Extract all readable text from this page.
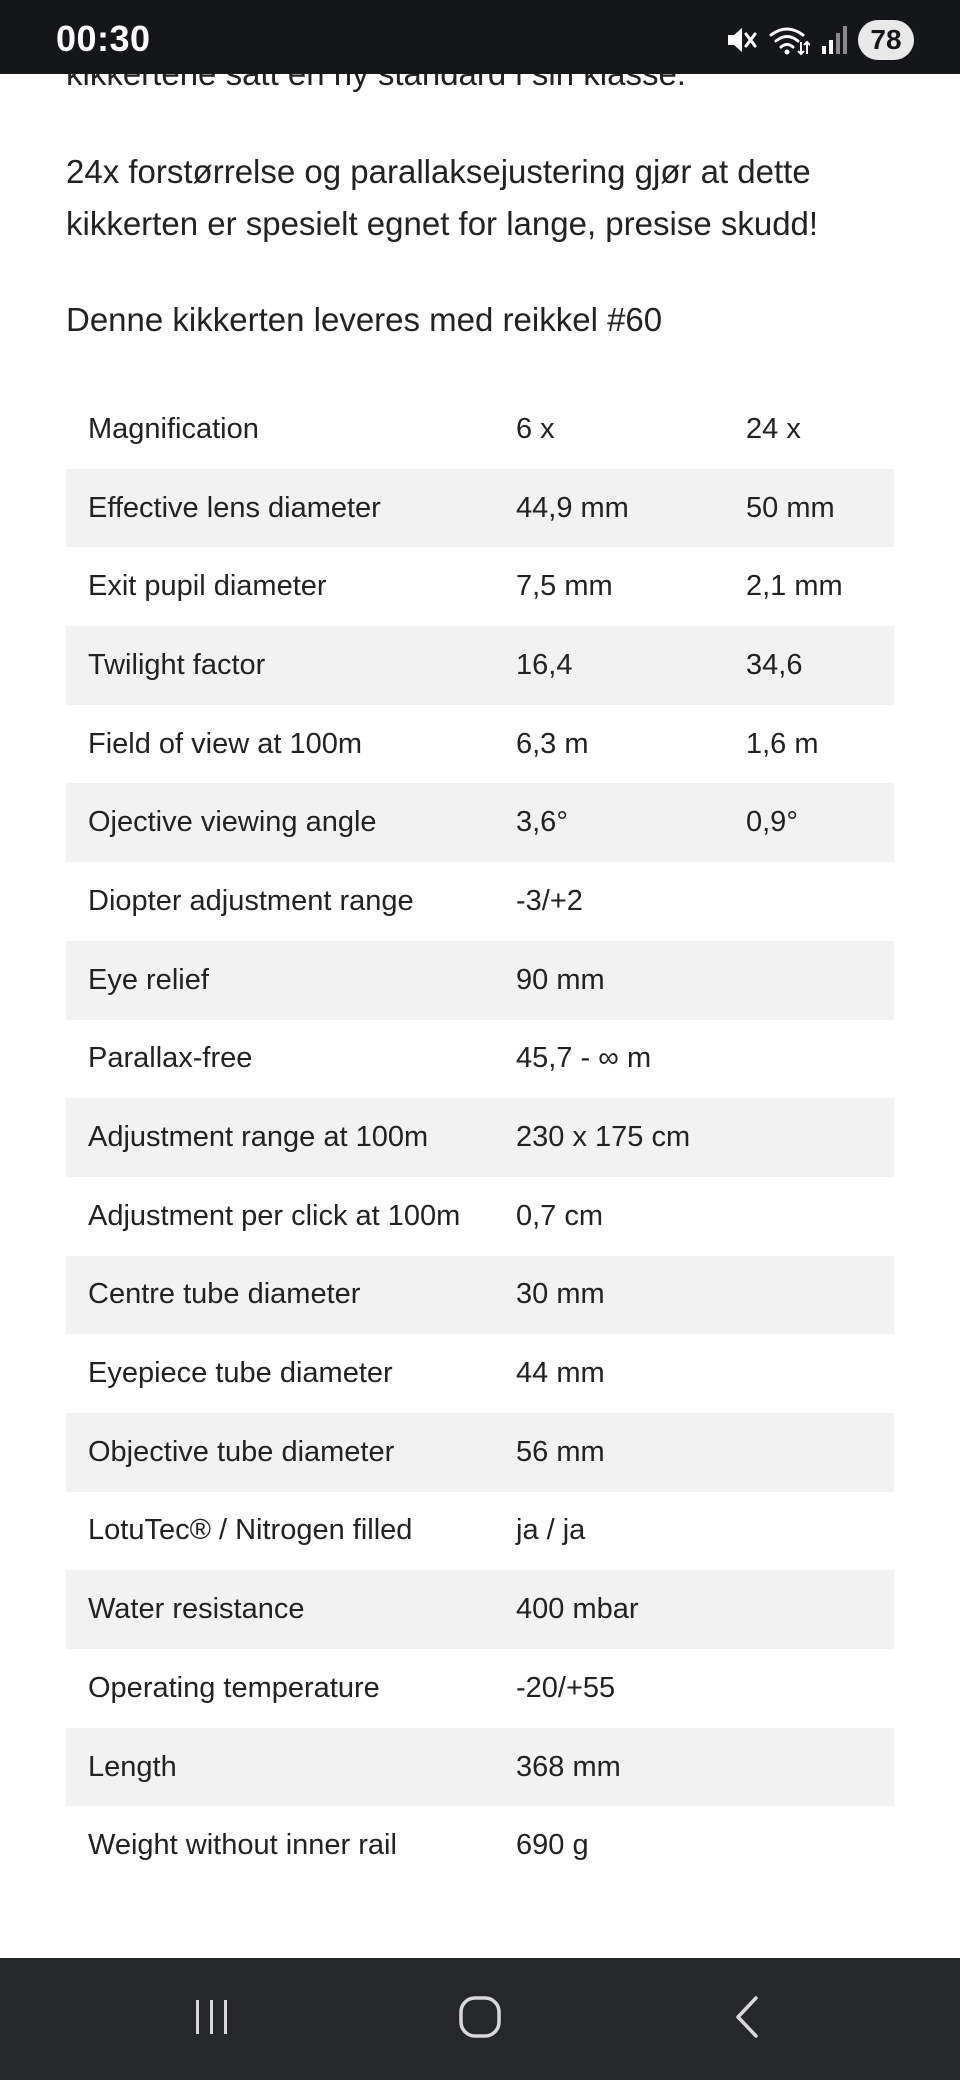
24x forstørrelse og parallaksejustering gjør at dette kikkerten er spesielt egnet for lange, presise skudd!

Denne kikkerten leveres med reikkel #60

Magnification	6 x	24 x
Effective lens diameter	44,9 mm	50 mm
Exit pupil diameter	7,5 mm	2,1 mm
Twilight factor	16,4	34,6
Field of view at 100m	6,3 m	1,6 m
Ojective viewing angle	3,6°	0,9°
Diopter adjustment range	-3/+2	
Eye relief	90 mm	
Parallax-free	45,7 - ∞ m	
Adjustment range at 100m	230 x 175 cm	
Adjustment per click at 100m	0,7 cm	
Centre tube diameter	30 mm	
Eyepiece tube diameter	44 mm	
Objective tube diameter	56 mm	
LotuTec® / Nitrogen filled	ja / ja	
Water resistance	400 mbar	
Operating temperature	-20/+55	
Length	368 mm	
Weight without inner rail	690 g	
00:30	78
